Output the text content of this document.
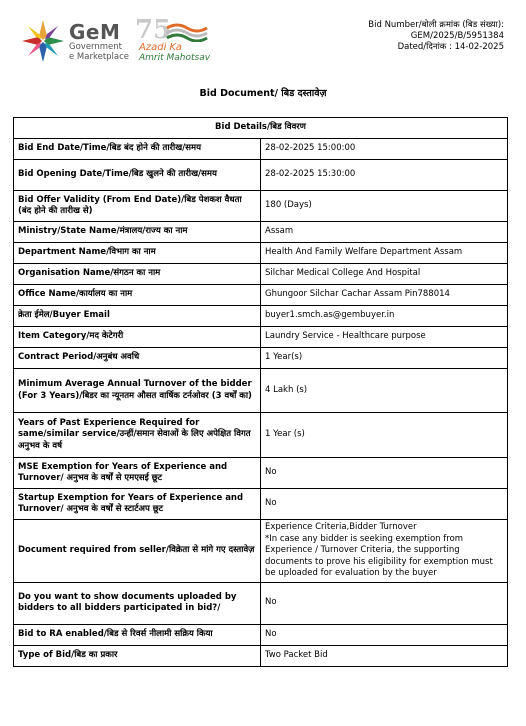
GeM
Government
e Marketplace
75
Azadi Ka
Amrit Mahotsav
Bid Number/बोली क्रमांक (बिड संख्या):
GEM/2025/B/5951384
Dated/दिनांक : 14-02-2025
Bid Document/ बिड दस्तावेज़
Bid Details/बिड विवरण	
Bid End Date/Time/बिड बंद होने की तारीख/समय	28-02-2025 15:00:00
Bid Opening Date/Time/बिड खुलने की तारीख/समय	28-02-2025 15:30:00
Bid Offer Validity (From End Date)/बिड पेशकश वैधता (बंद होने की तारीख से)	180 (Days)
Ministry/State Name/मंत्रालय/राज्य का नाम	Assam
Department Name/विभाग का नाम	Health And Family Welfare Department Assam
Organisation Name/संगठन का नाम	Silchar Medical College And Hospital
Office Name/कार्यालय का नाम	Ghungoor Silchar Cachar Assam Pin788014
क्रेता ईमेल/Buyer Email	buyer1.smch.as@gembuyer.in
Item Category/मद केटेगरी	Laundry Service - Healthcare purpose
Contract Period/अनुबंध अवधि	1 Year(s)
Minimum Average Annual Turnover of the bidder (For 3 Years)/बिडर का न्यूनतम औसत वार्षिक टर्नओवर (3 वर्षों का)	4 Lakh (s)
Years of Past Experience Required for same/similar service/उन्हीं/समान सेवाओं के लिए अपेक्षित विगत अनुभव के वर्ष	1 Year (s)
MSE Exemption for Years of Experience and Turnover/ अनुभव के वर्षों से एमएसई छूट	No
Startup Exemption for Years of Experience and Turnover/ अनुभव के वर्षों से स्टार्टअप छूट	No
Document required from seller/विक्रेता से मांगे गए दस्तावेज़	Experience Criteria,Bidder Turnover
*In case any bidder is seeking exemption from Experience / Turnover Criteria, the supporting documents to prove his eligibility for exemption must be uploaded for evaluation by the buyer
Do you want to show documents uploaded by bidders to all bidders participated in bid?/	No
Bid to RA enabled/बिड से रिवर्स नीलामी सक्रिय किया	No
Type of Bid/बिड का प्रकार	Two Packet Bid
